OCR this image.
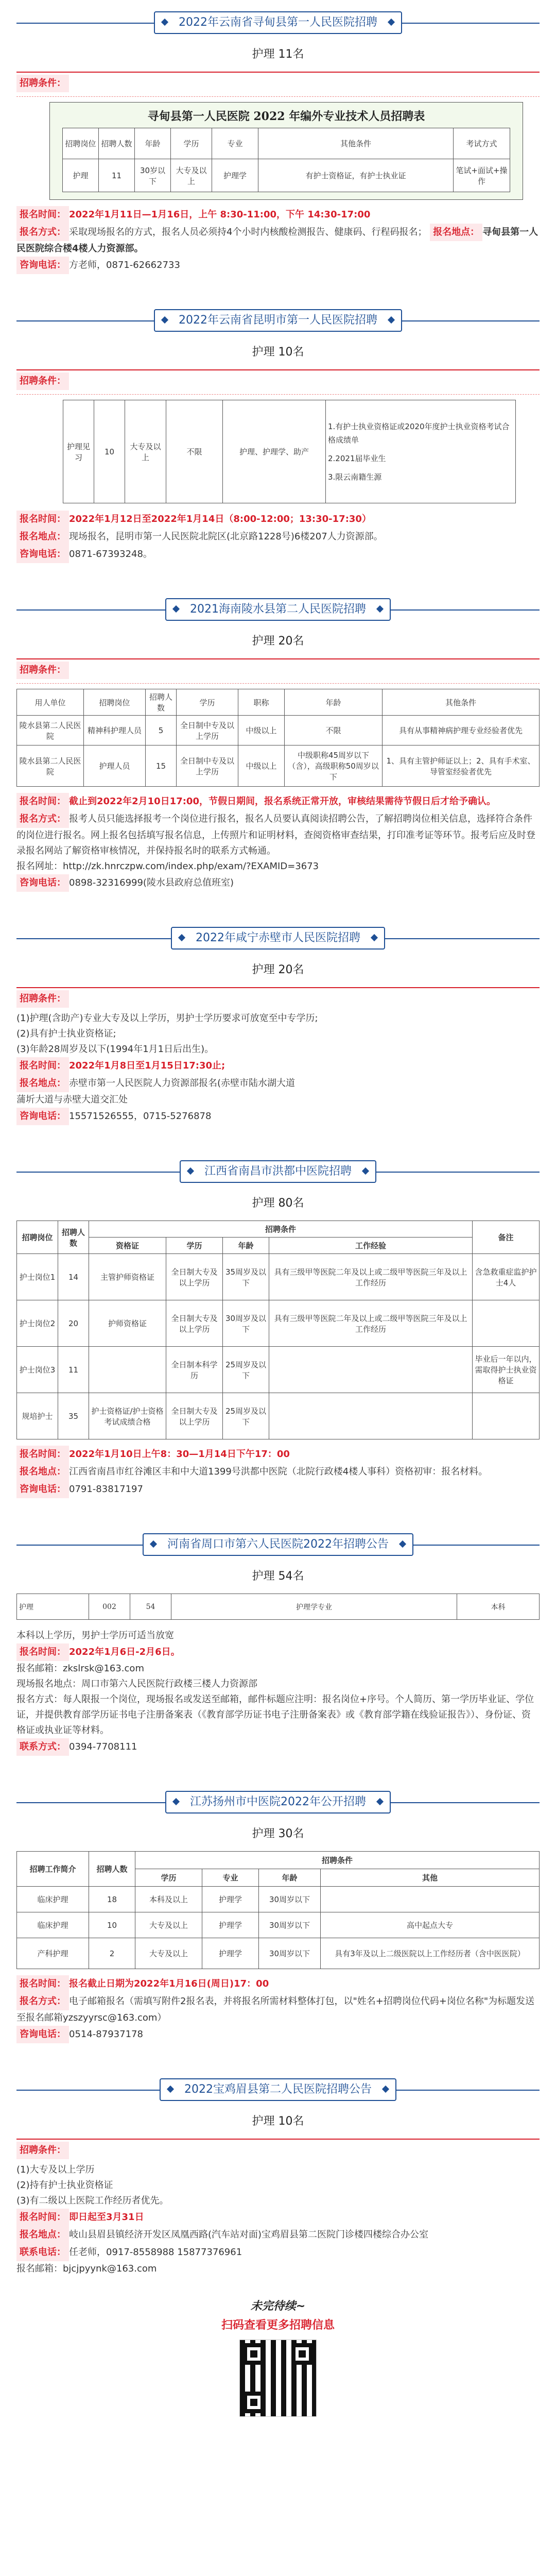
2022年云南省寻甸县第一人民医院招聘
护理 11名
招聘条件：
寻甸县第一人民医院 2022 年编外专业技术人员招聘表
招聘岗位	招聘人数	年龄	学历	专业	其他条件	考试方式
护理	11	30岁以下	大专及以上	护理学	有护士资格证，有护士执业证	笔试+面试+操作
报名时间： 2022年1月11日—1月16日，上午 8:30-11:00，下午 14:30-17:00
报名方式： 采取现场报名的方式，报名人员必须持4个小时内核酸检测报告、健康码、行程码报名； 报名地点： 寻甸县第一人民医院综合楼4楼人力资源部。
咨询电话： 方老师，0871-62662733
2022年云南省昆明市第一人民医院招聘
护理 10名
招聘条件：
护理见习	10	大专及以上	不限	护理、护理学、助产	
1.有护士执业资格证或2020年度护士执业资格考试合格成绩单
2.2021届毕业生
3.限云南籍生源
报名时间： 2022年1月12日至2022年1月14日（8:00-12:00；13:30-17:30）
报名地点： 现场报名，昆明市第一人民医院北院区(北京路1228号)6楼207人力资源部。
咨询电话： 0871-67393248。
2021海南陵水县第二人民医院招聘
护理 20名
招聘条件：
用人单位	招聘岗位	招聘人数	学历	职称	年龄	其他条件
陵水县第二人民医院	精神科护理人员	5	全日制中专及以上学历	中级以上	不限	具有从事精神病护理专业经验者优先
陵水县第二人民医院	护理人员	15	全日制中专及以上学历	中级以上	中级职称45周岁以下（含），高级职称50周岁以下	1、具有主管护师证以上；2、具有手术室、导管室经验者优先
报名时间： 截止到2022年2月10日17:00，节假日期间，报名系统正常开放，审核结果需待节假日后才给予确认。
报名方式： 报考人员只能选择报考一个岗位进行报名，报名人员要认真阅读招聘公告，了解招聘岗位相关信息，选择符合条件的岗位进行报名。网上报名包括填写报名信息，上传照片和证明材料，查阅资格审查结果，打印准考证等环节。报考后应及时登录报名网站了解资格审核情况，并保持报名时的联系方式畅通。
报名网址：http://zk.hnrczpw.com/index.php/exam/?EXAMID=3673
咨询电话： 0898-32316999(陵水县政府总值班室)
2022年咸宁赤壁市人民医院招聘
护理 20名
招聘条件：
(1)护理(含助产)专业大专及以上学历，男护士学历要求可放宽至中专学历;
(2)具有护士执业资格证;
(3)年龄28周岁及以下(1994年1月1日后出生)。
报名时间： 2022年1月8日至1月15日17:30止;
报名地点： 赤壁市第一人民医院人力资源部报名(赤壁市陆水湖大道
蒲圻大道与赤壁大道交汇处
咨询电话： 15571526555，0715-5276878
江西省南昌市洪都中医院招聘
护理 80名
招聘岗位	招聘人数	招聘条件				备注
		资格证	学历	年龄	工作经验	
护士岗位1	14	主管护师资格证	全日制大专及以上学历	35周岁及以下	具有三级甲等医院二年及以上或二级甲等医院三年及以上工作经历	含急救重症监护护士4人
护士岗位2	20	护师资格证	全日制大专及以上学历	30周岁及以下	具有三级甲等医院二年及以上或二级甲等医院三年及以上工作经历	
护士岗位3	11		全日制本科学历	25周岁及以下		毕业后一年以内，需取得护士执业资格证
规培护士	35	护士资格证/护士资格考试成绩合格	全日制大专及以上学历	25周岁及以下		
报名时间： 2022年1月10日上午8：30—1月14日下午17：00
报名地点： 江西省南昌市红谷滩区丰和中大道1399号洪都中医院（北院行政楼4楼人事科）资格初审：报名材料。
咨询电话： 0791-83817197
河南省周口市第六人民医院2022年招聘公告
护理 54名
护理	002	54	护理学专业	本科
本科以上学历，男护士学历可适当放宽
报名时间： 2022年1月6日-2月6日。
报名邮箱：zkslrsk@163.com
现场报名地点：周口市第六人民医院行政楼三楼人力资源部
报名方式：每人限报一个岗位，现场报名或发送至邮箱，邮件标题应注明：报名岗位+序号。个人简历、第一学历毕业证、学位证，并提供教育部学历证书电子注册备案表（《教育部学历证书电子注册备案表》或《教育部学籍在线验证报告》）、身份证、资格证或执业证等材料。
联系方式： 0394-7708111
江苏扬州市中医院2022年公开招聘
护理 30名
招聘工作简介	招聘人数	招聘条件			
		学历	专业	年龄	其他
临床护理	18	本科及以上	护理学	30周岁以下	
临床护理	10	大专及以上	护理学	30周岁以下	高中起点大专
产科护理	2	大专及以上	护理学	30周岁以下	具有3年及以上二级医院以上工作经历者（含中医医院）
报名时间： 报名截止日期为2022年1月16日(周日)17：00
报名方式： 电子邮箱报名（需填写附件2报名表，并将报名所需材料整体打包，以"姓名+招聘岗位代码+岗位名称"为标题发送至报名邮箱yzszyyrsc@163.com）
咨询电话： 0514-87937178
2022宝鸡眉县第二人民医院招聘公告
护理 10名
招聘条件：
(1)大专及以上学历
(2)持有护士执业资格证
(3)有二级以上医院工作经历者优先。
报名时间： 即日起至3月31日
报名地点： 岐山县眉县镇经济开发区凤凰西路(汽车站对面)宝鸡眉县第二医院门诊楼四楼综合办公室
联系电话： 任老师，0917-8558988 15877376961
报名邮箱：bjcjpyynk@163.com
未完待续~
扫码查看更多招聘信息
